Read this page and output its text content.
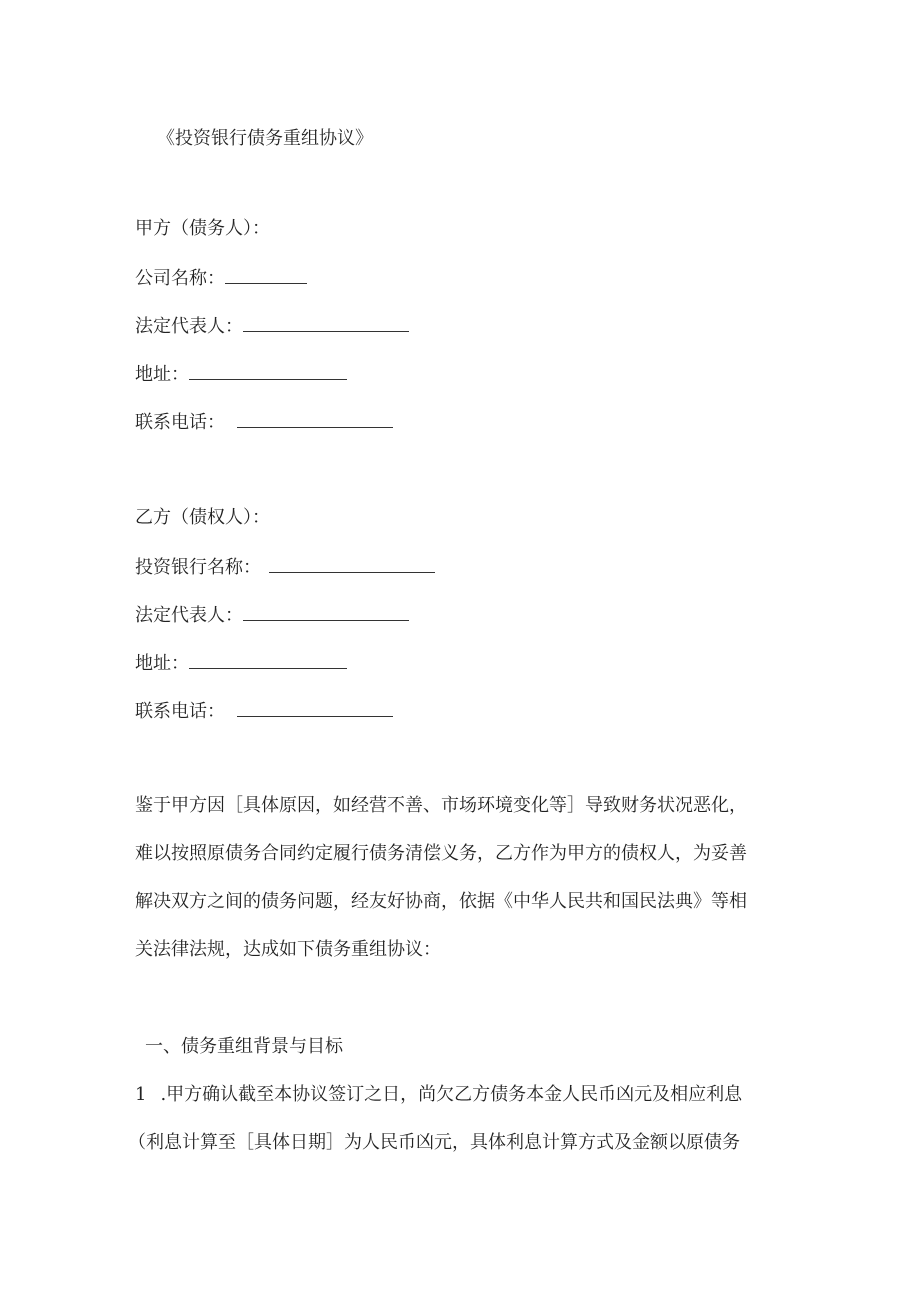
《投资银行债务重组协议》
甲方（债务人）：
公司名称：
法定代表人：
地址：
联系电话：
乙方（债权人）：
投资银行名称：
法定代表人：
地址：
联系电话：
鉴于甲方因［具体原因，如经营不善、市场环境变化等］导致财务状况恶化，
难以按照原债务合同约定履行债务清偿义务，乙方作为甲方的债权人，为妥善
解决双方之间的债务问题，经友好协商，依据《中华人民共和国民法典》等相
关法律法规，达成如下债务重组协议：
一、债务重组背景与目标
1 .甲方确认截至本协议签订之日，尚欠乙方债务本金人民币凶元及相应利息
（利息计算至［具体日期］为人民币凶元，具体利息计算方式及金额以原债务
